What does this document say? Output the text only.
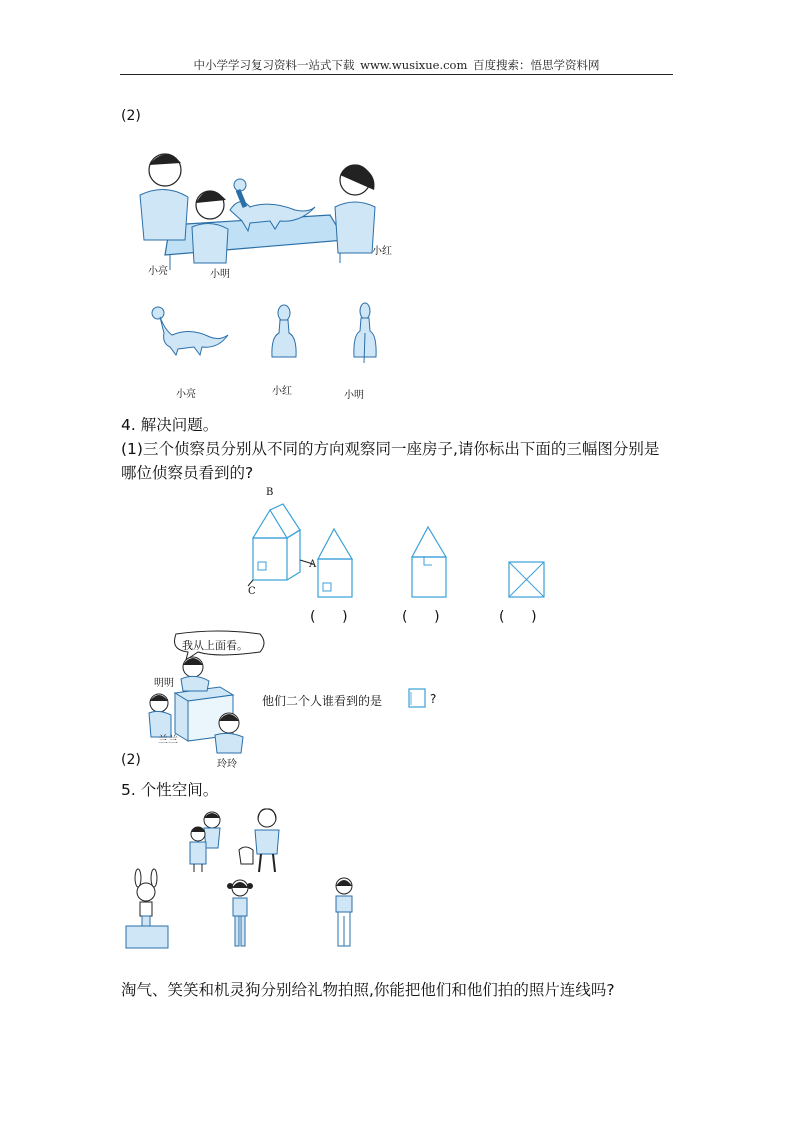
中小学学习复习资料一站式下载 www.wusixue.com 百度搜索：悟思学资料网
(2)
小亮	小明
小红
小亮	小红	小明
4. 解决问题。
(1)三个侦察员分别从不同的方向观察同一座房子,请你标出下面的三幅图分别是
哪位侦察员看到的?
B
A
C
(      )	(      )	(      )
我从上面看。
明明
兰兰
玲玲
他们二个人谁看到的是	?
(2)
5. 个性空间。
淘气、笑笑和机灵狗分别给礼物拍照,你能把他们和他们拍的照片连线吗?
